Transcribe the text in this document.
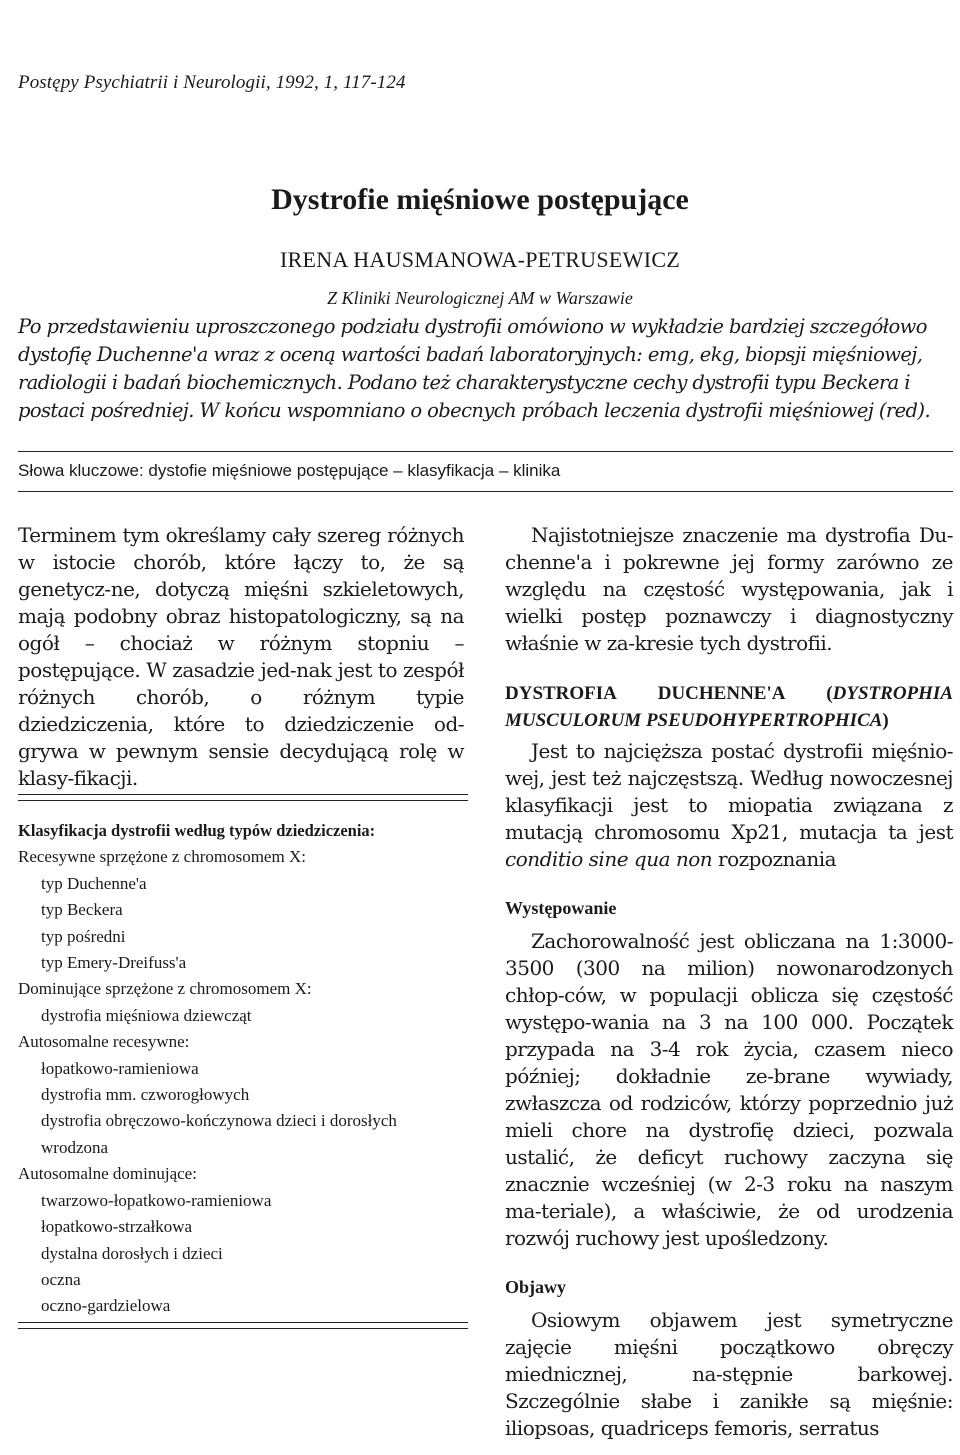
Postępy Psychiatrii i Neurologii, 1992, 1, 117-124
Dystrofie mięśniowe postępujące
IRENA HAUSMANOWA-PETRUSEWICZ
Z Kliniki Neurologicznej AM w Warszawie
Po przedstawieniu uproszczonego podziału dystrofii omówiono w wykładzie bardziej szczegółowo dystofię Duchenne'a wraz z oceną wartości badań laboratoryjnych: emg, ekg, biopsji mięśniowej, radiologii i badań biochemicznych. Podano też charakterystyczne cechy dystrofii typu Beckera i postaci pośredniej. W końcu wspomniano o obecnych próbach leczenia dystrofii mięśniowej (red).
Słowa kluczowe: dystofie mięśniowe postępujące – klasyfikacja – klinika

Terminem tym określamy cały szereg różnych w istocie chorób, które łączy to, że są genetycz-ne, dotyczą mięśni szkieletowych, mają podobny obraz histopatologiczny, są na ogół – chociaż w różnym stopniu – postępujące. W zasadzie jed-nak jest to zespół różnych chorób, o różnym typie dziedziczenia, które to dziedziczenie od-grywa w pewnym sensie decydującą rolę w klasy-fikacji.

Klasyfikacja dystrofii według typów dziedziczenia:

Recesywne sprzężone z chromosomem X:

typ Duchenne'a

typ Beckera

typ pośredni

typ Emery-Dreifuss'a

Dominujące sprzężone z chromosomem X:

dystrofia mięśniowa dziewcząt

Autosomalne recesywne:

łopatkowo-ramieniowa

dystrofia mm. czworogłowych

dystrofia obręczowo-kończynowa dzieci i dorosłych

wrodzona

Autosomalne dominujące:

twarzowo-łopatkowo-ramieniowa

łopatkowo-strzałkowa

dystalna dorosłych i dzieci

oczna

oczno-gardzielowa

Najistotniejsze znaczenie ma dystrofia Du-chenne'a i pokrewne jej formy zarówno ze względu na częstość występowania, jak i wielki postęp poznawczy i diagnostyczny właśnie w za-kresie tych dystrofii.

DYSTROFIA DUCHENNE'A (DYSTROPHIA MUSCULORUM PSEUDOHYPERTROPHICA)

Jest to najcięższa postać dystrofii mięśnio-wej, jest też najczęstszą. Według nowoczesnej klasyfikacji jest to miopatia związana z mutacją chromosomu Xp21, mutacja ta jest conditio sine qua non rozpoznania

Występowanie

Zachorowalność jest obliczana na 1:3000-3500 (300 na milion) nowonarodzonych chłop-ców, w populacji oblicza się częstość występo-wania na 3 na 100 000. Początek przypada na 3-4 rok życia, czasem nieco później; dokładnie ze-brane wywiady, zwłaszcza od rodziców, którzy poprzednio już mieli chore na dystrofię dzieci, pozwala ustalić, że deficyt ruchowy zaczyna się znacznie wcześniej (w 2-3 roku na naszym ma-teriale), a właściwie, że od urodzenia rozwój ruchowy jest upośledzony.

Objawy

Osiowym objawem jest symetryczne zajęcie mięśni początkowo obręczy miednicznej, na-stępnie barkowej. Szczególnie słabe i zanikłe są mięśnie: iliopsoas, quadriceps femoris, serratus
